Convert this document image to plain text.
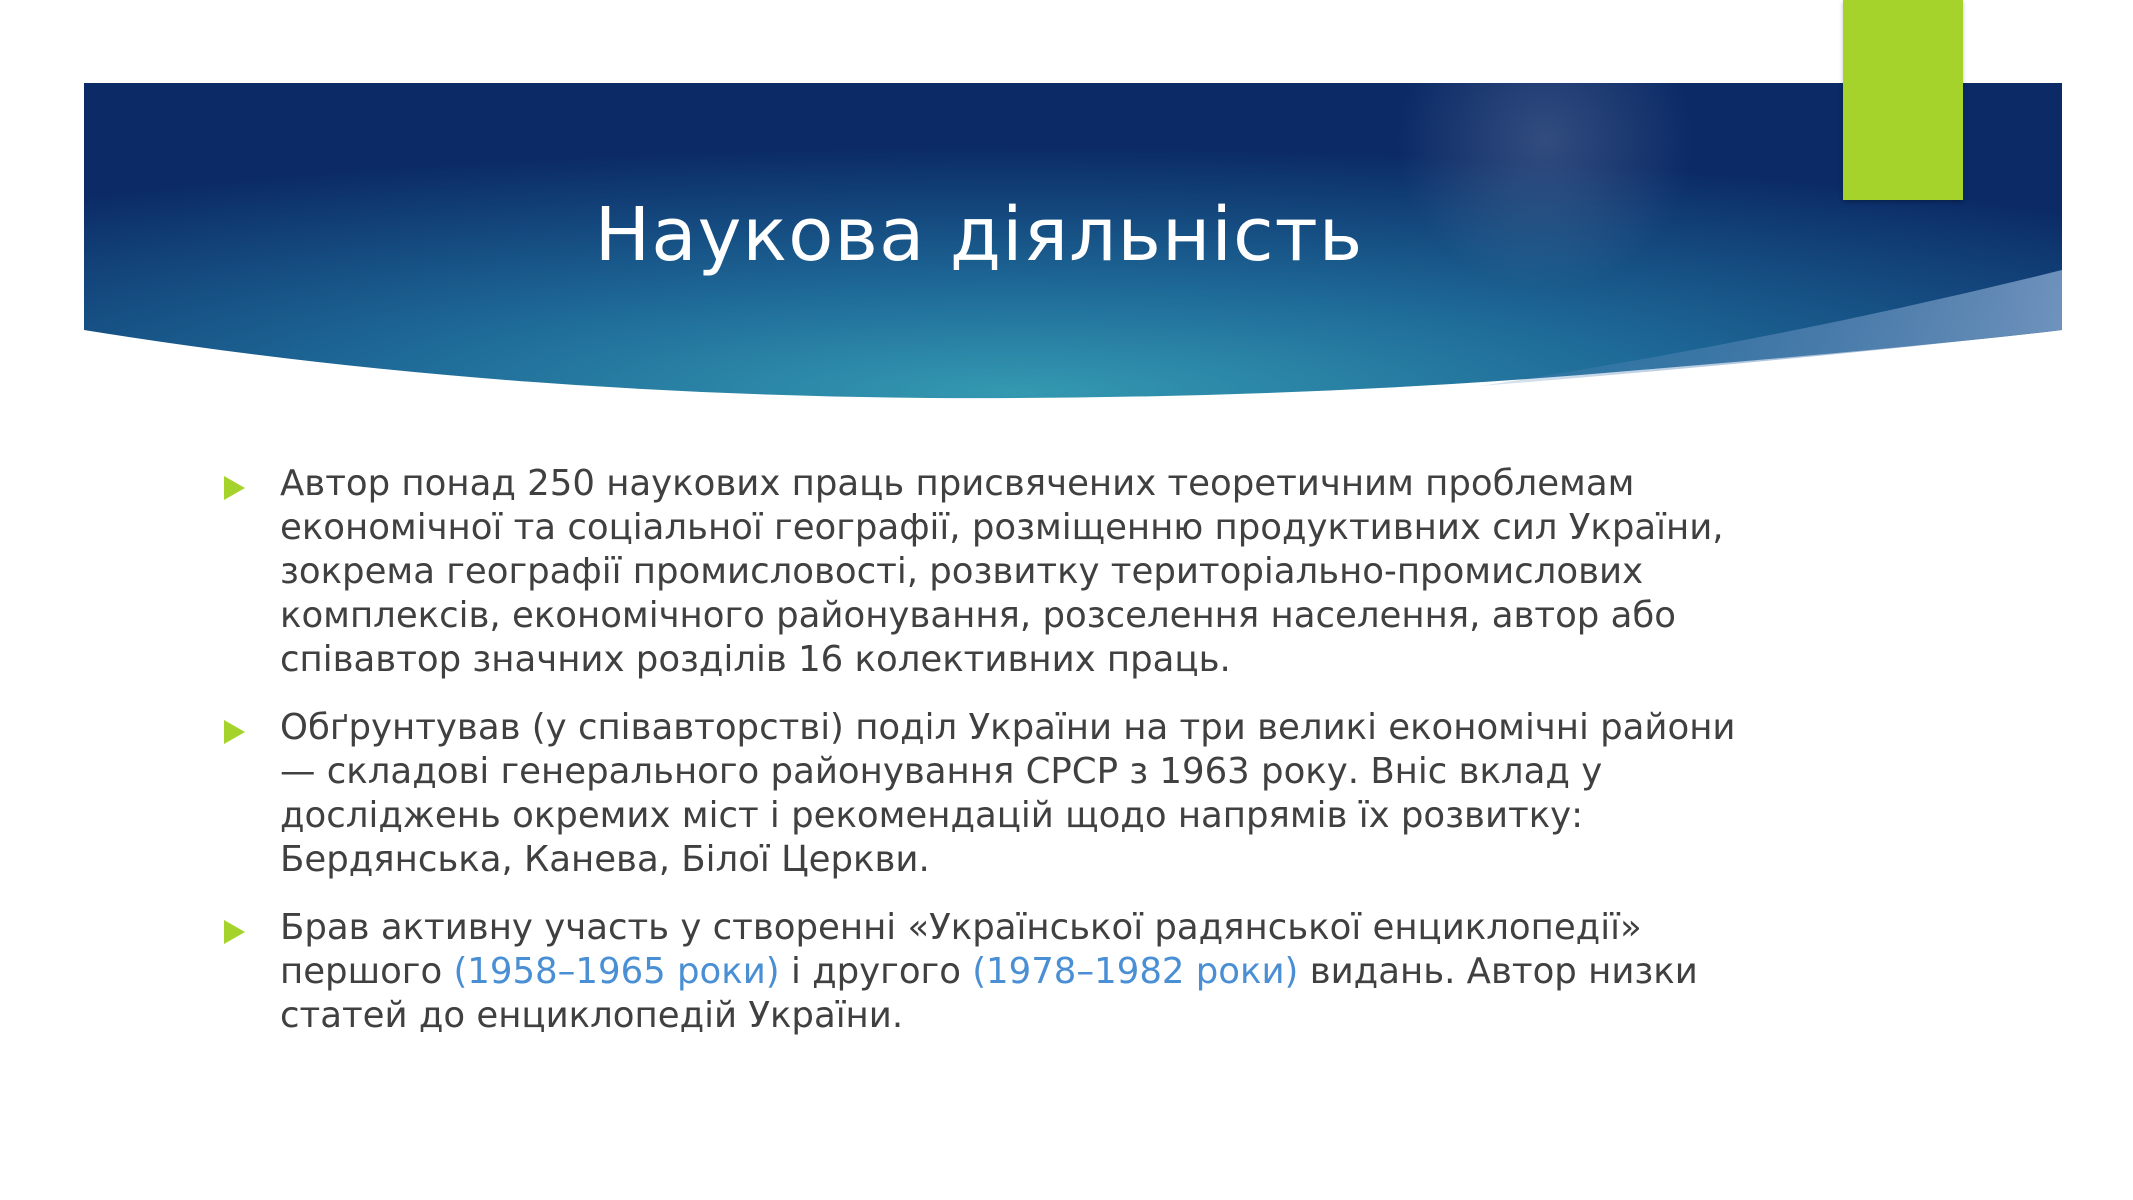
Наукова діяльність
Автор понад 250 наукових праць присвячених теоретичним проблемам економічної та соціальної географії, розміщенню продуктивних сил України, зокрема географії промисловості, розвитку територіально-промислових комплексів, економічного районування, розселення населення, автор або співавтор значних розділів 16 колективних праць.
Обґрунтував (у співавторстві) поділ України на три великі економічні райони — складові генерального районування СРСР з 1963 року. Вніс вклад у досліджень окремих міст і рекомендацій щодо напрямів їх розвитку: Бердянська, Канева, Білої Церкви.
Брав активну участь у створенні «Української радянської енциклопедії» першого (1958–1965 роки) і другого (1978–1982 роки) видань. Автор низки статей до енциклопедій України.
